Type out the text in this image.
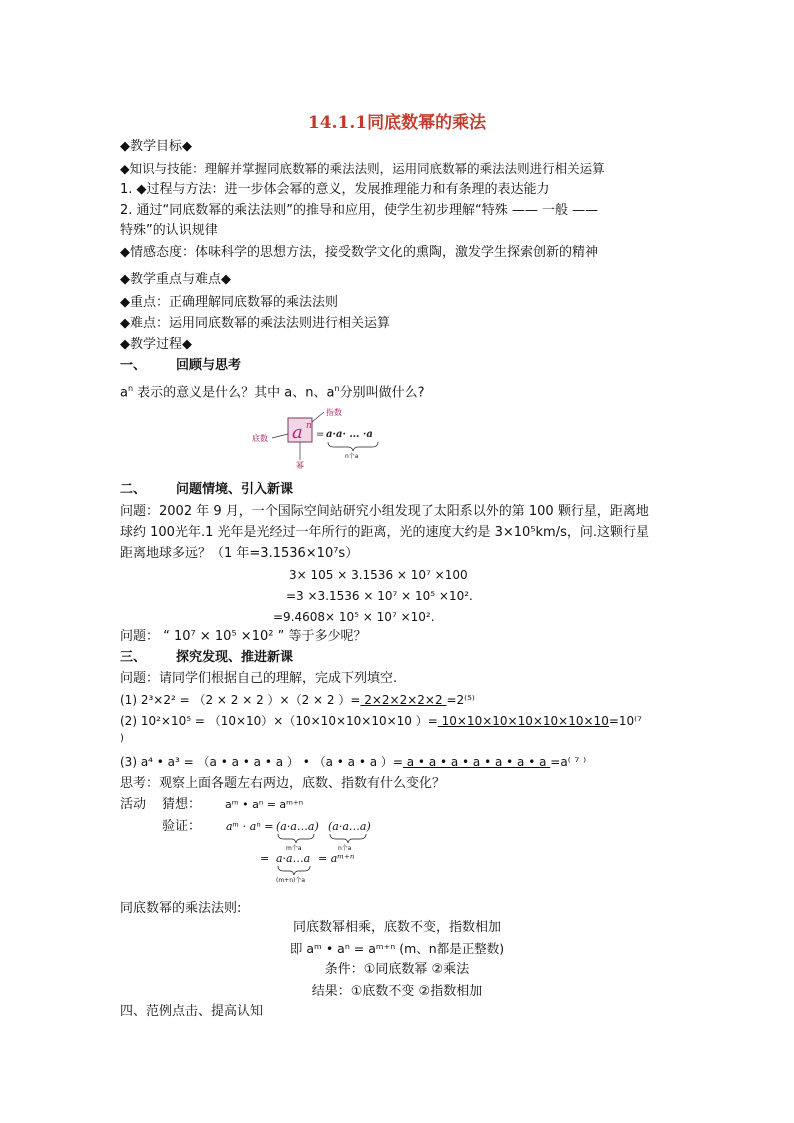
14.1.1同底数幂的乘法
◆教学目标◆
◆知识与技能：理解并掌握同底数幂的乘法法则，运用同底数幂的乘法法则进行相关运算
1. ◆过程与方法：进一步体会幂的意义，发展推理能力和有条理的表达能力
2. 通过“同底数幂的乘法法则”的推导和应用，使学生初步理解“特殊 —— 一般 ——
特殊”的认识规律
◆情感态度：体味科学的思想方法，接受数学文化的熏陶，激发学生探索创新的精神
◆教学重点与难点◆
◆重点：正确理解同底数幂的乘法法则
◆难点：运用同底数幂的乘法法则进行相关运算
◆教学过程◆
一、 回顾与思考
$a^n$ 表示的意义是什么？其中 a、n、$a^n$分别叫做什么?
a n
底数
指数
幂
= a·a· … ·a
n个a
二、 问题情境、引入新课
问题：2002 年 9 月，一个国际空间站研究小组发现了太阳系以外的第 100 颗行星，距离地
球约 100光年.1 光年是光经过一年所行的距离，光的速度大约是 3×10⁵km/s，问.这颗行星
距离地球多远？（1 年=3.1536×10⁷s）
3× 105 × 3.1536 × 10⁷ ×100
=3 ×3.1536 × 10⁷ × 10⁵ ×10².
=9.4608× 10⁵ × 10⁷ ×10².
问题： “ 10⁷ × 10⁵ ×10² ” 等于多少呢？
三、 探究发现、推进新课
问题：请同学们根据自己的理解，完成下列填空.
(1) 2³×2² = （2 × 2 × 2 ）×（2 × 2 ）= 2×2×2×2×2 =2⁽⁵⁾
(2) 10²×10⁵ = （10×10）×（10×10×10×10×10 ）= 10×10×10×10×10×10×10=10⁽⁷
)
(3) a⁴ • a³ = （a • a • a • a ） • （a • a • a ）= a • a • a • a • a • a • a =a⁽ ⁷ ⁾
思考：观察上面各题左右两边，底数、指数有什么变化？
活动 猜想： aᵐ • aⁿ = aᵐ⁺ⁿ
验证： aᵐ · aⁿ = (a·a…a) (a·a…a)
= a·a…a = aᵐ⁺ⁿ
m个a	n个a
(m+n)个a
同底数幂的乘法法则:
同底数幂相乘，底数不变，指数相加
即 aᵐ • aⁿ = aᵐ⁺ⁿ (m、n都是正整数)
条件：①同底数幂 ②乘法
结果：①底数不变 ②指数相加
四、范例点击、提高认知
